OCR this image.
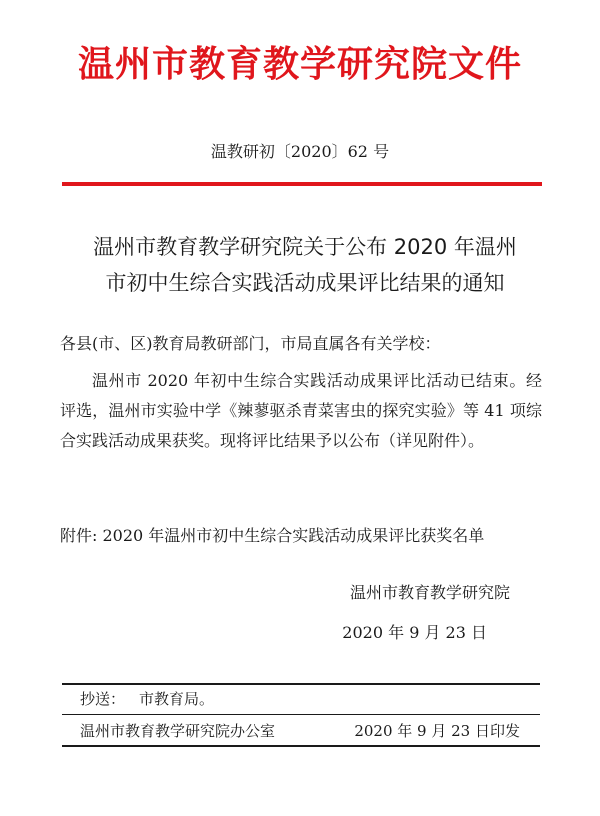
温州市教育教学研究院文件
温教研初〔2020〕62 号
温州市教育教学研究院关于公布 2020 年温州
市初中生综合实践活动成果评比结果的通知
各县(市、区)教育局教研部门，市局直属各有关学校：
温州市 2020 年初中生综合实践活动成果评比活动已结束。经评选，温州市实验中学《辣蓼驱杀青菜害虫的探究实验》等 41 项综合实践活动成果获奖。现将评比结果予以公布（详见附件）。
附件: 2020 年温州市初中生综合实践活动成果评比获奖名单
温州市教育教学研究院
2020 年 9 月 23 日
抄送： 市教育局。
温州市教育教学研究院办公室	2020 年 9 月 23 日印发
